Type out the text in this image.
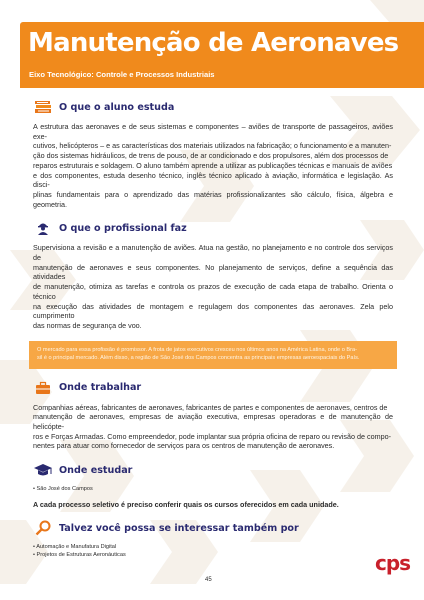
Manutenção de Aeronaves
Eixo Tecnológico: Controle e Processos Industriais
O que o aluno estuda
A estrutura das aeronaves e de seus sistemas e componentes – aviões de transporte de passageiros, aviões exe-
cutivos, helicópteros – e as características dos materiais utilizados na fabricação; o funcionamento e a manuten-
ção dos sistemas hidráulicos, de trens de pouso, de ar condicionado e dos propulsores, além dos processos de
reparos estruturais e soldagem. O aluno também aprende a utilizar as publicações técnicas e manuais de aviões
e dos componentes, estuda desenho técnico, inglês técnico aplicado à aviação, informática e legislação. As disci-
plinas fundamentais para o aprendizado das matérias profissionalizantes são cálculo, física, álgebra e geometria.
O que o profissional faz
Supervisiona a revisão e a manutenção de aviões. Atua na gestão, no planejamento e no controle dos serviços de
manutenção de aeronaves e seus componentes. No planejamento de serviços, define a sequência das atividades
de manutenção, otimiza as tarefas e controla os prazos de execução de cada etapa de trabalho. Orienta o técnico
na execução das atividades de montagem e regulagem dos componentes das aeronaves. Zela pelo cumprimento
das normas de segurança de voo.
O mercado para essa profissão é promissor. A frota de jatos executivos cresceu nos últimos anos na América Latina, onde o Bra-
sil é o principal mercado. Além disso, a região de São José dos Campos concentra as principais empresas aeroespaciais do País.
Onde trabalhar
Companhias aéreas, fabricantes de aeronaves, fabricantes de partes e componentes de aeronaves, centros de
manutenção de aeronaves, empresas de aviação executiva, empresas operadoras e de manutenção de helicópte-
ros e Forças Armadas. Como empreendedor, pode implantar sua própria oficina de reparo ou revisão de compo-
nentes para atuar como fornecedor de serviços para os centros de manutenção de aeronaves.
Onde estudar
• São José dos Campos
A cada processo seletivo é preciso conferir quais os cursos oferecidos em cada unidade.
Talvez você possa se interessar também por
• Automação e Manufatura Digital
• Projetos de Estruturas Aeronáuticas	cps
45
